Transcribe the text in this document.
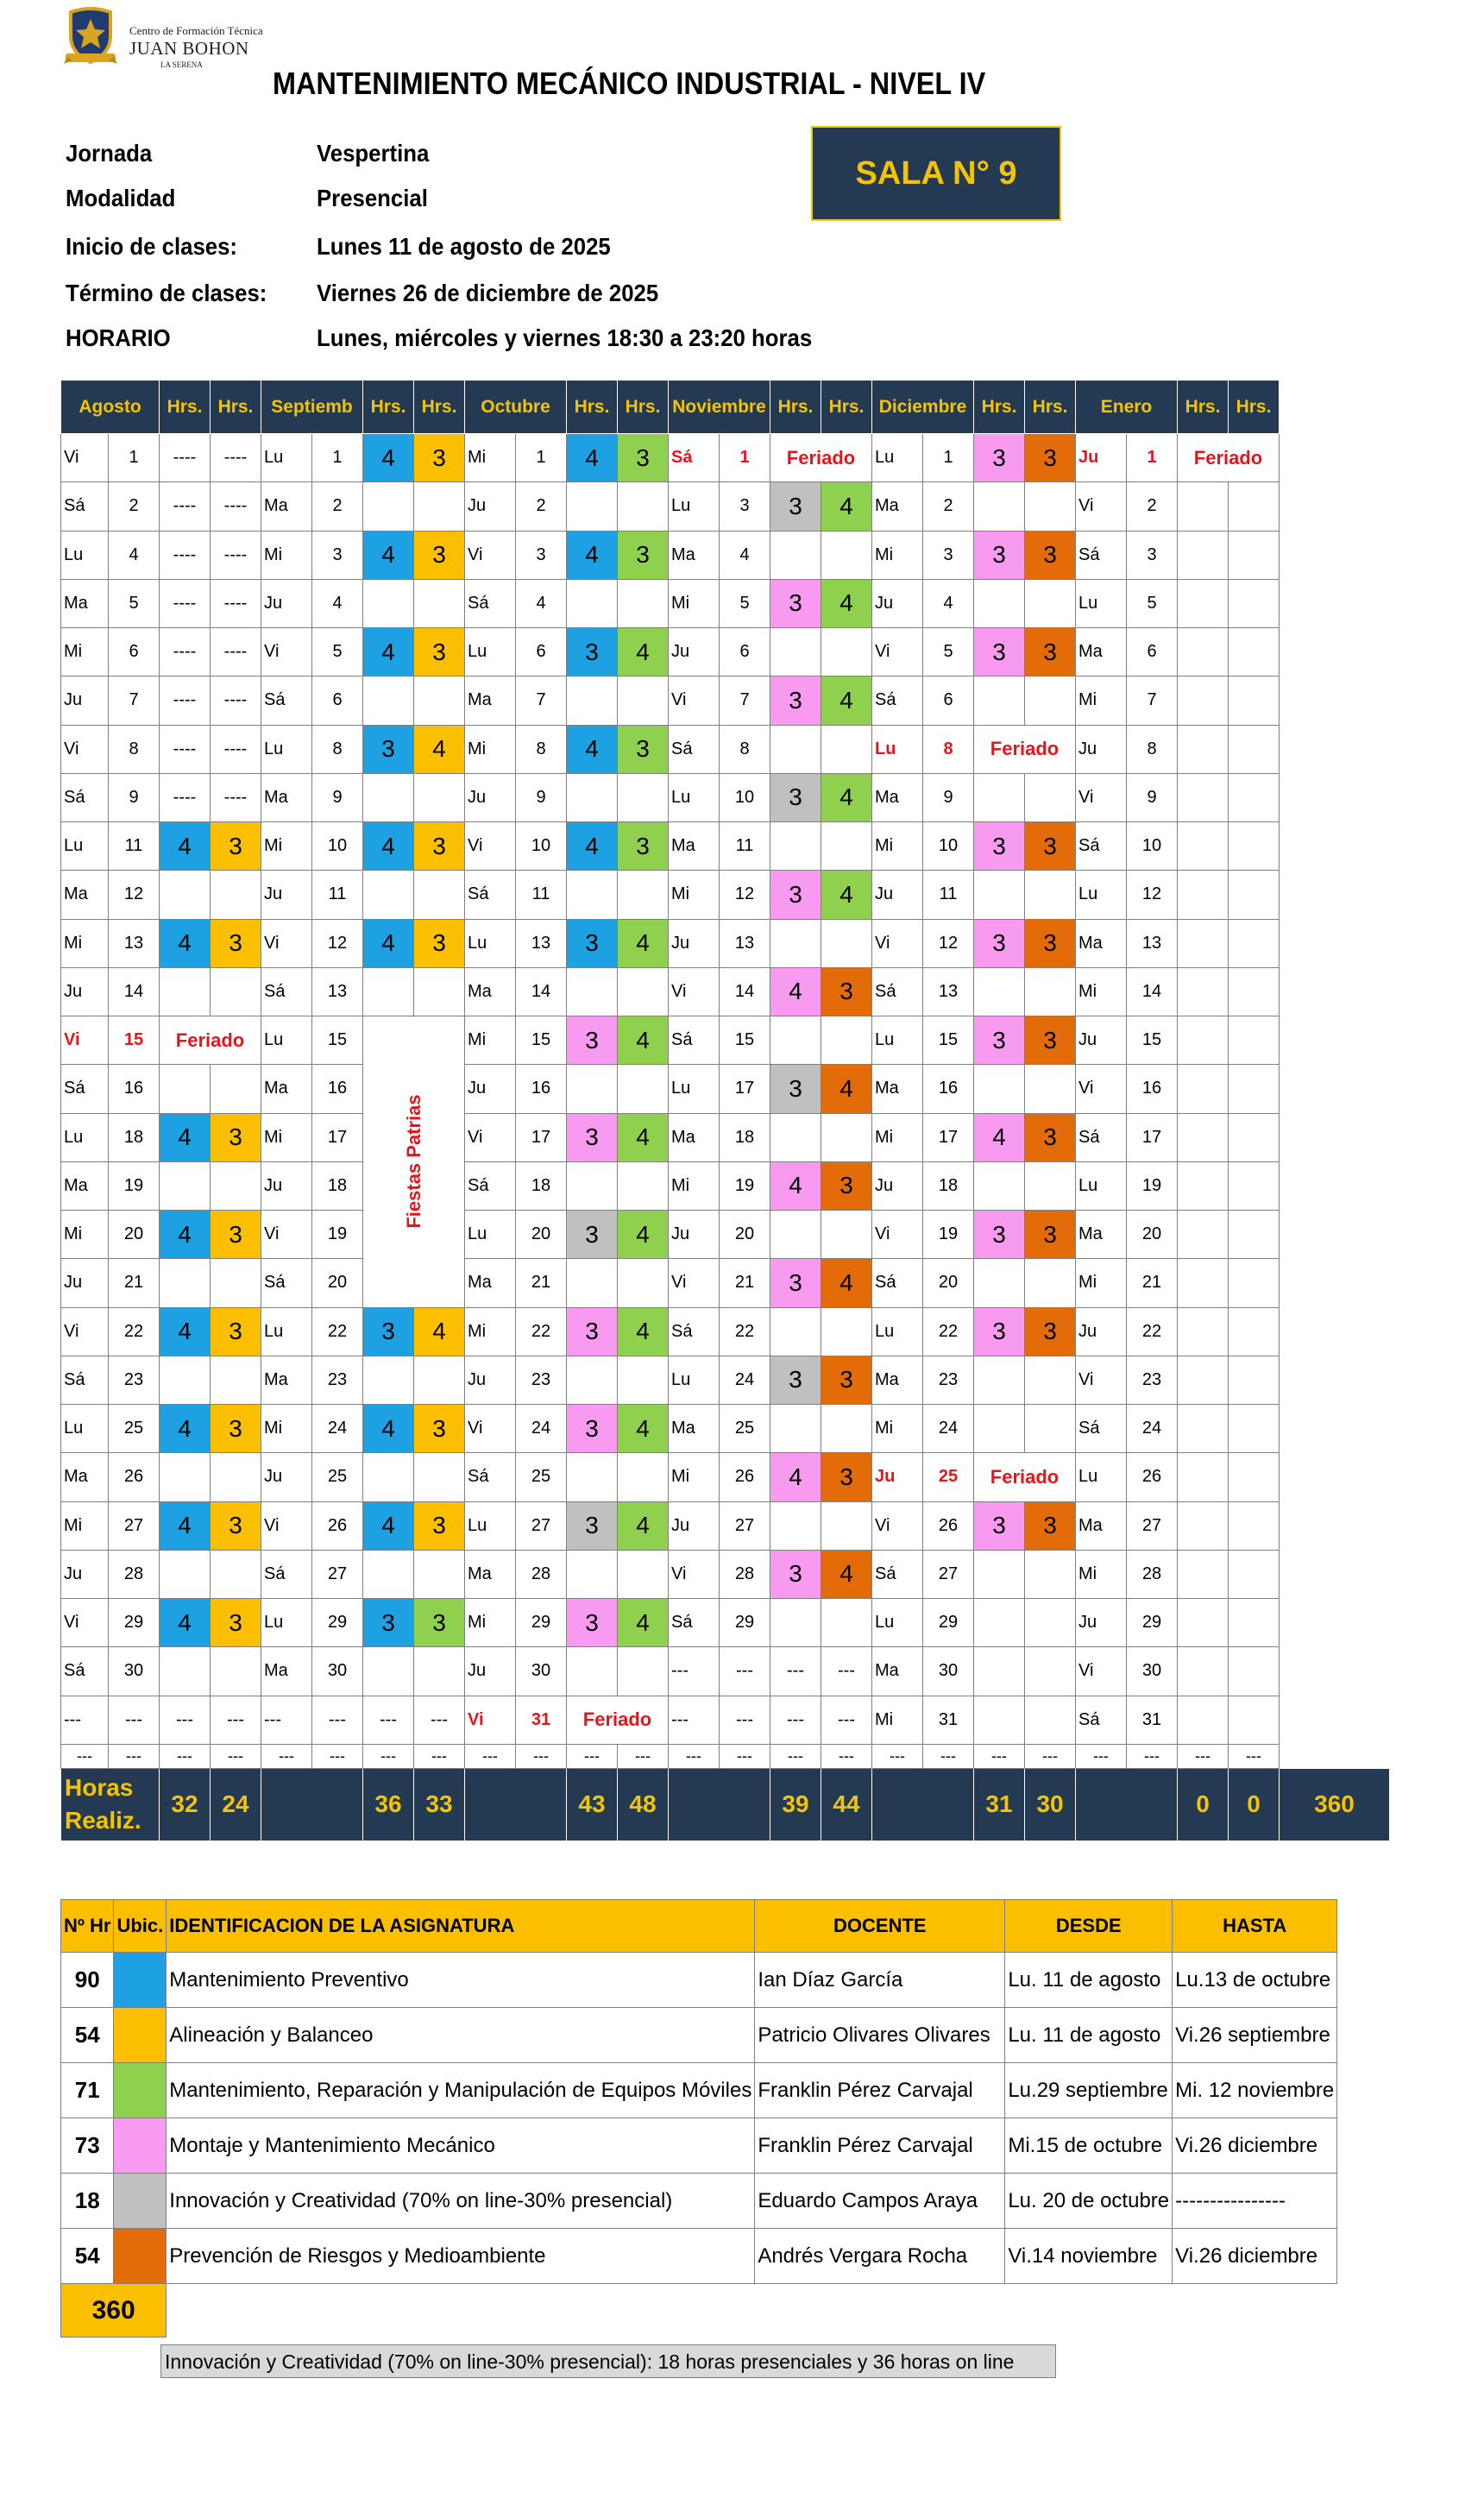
Centro de Formación Técnica
JUAN BOHON
LA SERENA
MANTENIMIENTO MECÁNICO INDUSTRIAL - NIVEL IV
Jornada	Vespertina
Modalidad	Presencial
Inicio de clases:	Lunes 11 de agosto de 2025
Término de clases: Viernes 26 de diciembre de 2025
HORARIO	Lunes, miércoles y viernes 18:30 a 23:20 horas
SALA N° 9
Agosto		Hrs.	Hrs.	Septiemb		Hrs.	Hrs.	Octubre		Hrs.	Hrs.	Noviembre		Hrs.	Hrs.	Diciembre		Hrs.	Hrs.	Enero		Hrs.	Hrs.	
Vi	1	----	----	Lu	1	4	3	Mi	1	4	3	Sá	1	Feriado		Lu	1	3	3	Ju	1	Feriado		
Sá	2	----	----	Ma	2			Ju	2			Lu	3	3	4	Ma	2			Vi	2			
Lu	4	----	----	Mi	3	4	3	Vi	3	4	3	Ma	4			Mi	3	3	3	Sá	3			
Ma	5	----	----	Ju	4			Sá	4			Mi	5	3	4	Ju	4			Lu	5			
Mi	6	----	----	Vi	5	4	3	Lu	6	3	4	Ju	6			Vi	5	3	3	Ma	6			
Ju	7	----	----	Sá	6			Ma	7			Vi	7	3	4	Sá	6			Mi	7			
Vi	8	----	----	Lu	8	3	4	Mi	8	4	3	Sá	8			Lu	8	Feriado		Ju	8			
Sá	9	----	----	Ma	9			Ju	9			Lu	10	3	4	Ma	9			Vi	9			
Lu	11	4	3	Mi	10	4	3	Vi	10	4	3	Ma	11			Mi	10	3	3	Sá	10			
Ma	12			Ju	11			Sá	11			Mi	12	3	4	Ju	11			Lu	12			
Mi	13	4	3	Vi	12	4	3	Lu	13	3	4	Ju	13			Vi	12	3	3	Ma	13			
Ju	14			Sá	13			Ma	14			Vi	14	4	3	Sá	13			Mi	14			
Vi	15	Feriado		Lu	15	Fiestas Patrias		Mi	15	3	4	Sá	15			Lu	15	3	3	Ju	15			
Sá	16			Ma	16			Ju	16			Lu	17	3	4	Ma	16			Vi	16			
Lu	18	4	3	Mi	17			Vi	17	3	4	Ma	18			Mi	17	4	3	Sá	17			
Ma	19			Ju	18			Sá	18			Mi	19	4	3	Ju	18			Lu	19			
Mi	20	4	3	Vi	19			Lu	20	3	4	Ju	20			Vi	19	3	3	Ma	20			
Ju	21			Sá	20			Ma	21			Vi	21	3	4	Sá	20			Mi	21			
Vi	22	4	3	Lu	22	3	4	Mi	22	3	4	Sá	22			Lu	22	3	3	Ju	22			
Sá	23			Ma	23			Ju	23			Lu	24	3	3	Ma	23			Vi	23			
Lu	25	4	3	Mi	24	4	3	Vi	24	3	4	Ma	25			Mi	24			Sá	24			
Ma	26			Ju	25			Sá	25			Mi	26	4	3	Ju	25	Feriado		Lu	26			
Mi	27	4	3	Vi	26	4	3	Lu	27	3	4	Ju	27			Vi	26	3	3	Ma	27			
Ju	28			Sá	27			Ma	28			Vi	28	3	4	Sá	27			Mi	28			
Vi	29	4	3	Lu	29	3	3	Mi	29	3	4	Sá	29			Lu	29			Ju	29			
Sá	30			Ma	30			Ju	30			---	---	---	---	Ma	30			Vi	30			
---	---	---	---	---	---	---	---	Vi	31	Feriado		---	---	---	---	Mi	31			Sá	31			
---	---	---	---	---	---	---	---	---	---	---	---	---	---	---	---	---	---	---	---	---	---	---	---	

Horas
Realiz.		32	24			36	33			43	48			39	44			31	30			0	0	360
Nº Hr	Ubic.	IDENTIFICACION DE LA ASIGNATURA	DOCENTE	DESDE	HASTA
90		Mantenimiento Preventivo	Ian Díaz García	Lu. 11 de agosto	Lu.13 de octubre
54		Alineación y Balanceo	Patricio Olivares Olivares	Lu. 11 de agosto	Vi.26 septiembre
71		Mantenimiento, Reparación y Manipulación de Equipos Móviles	Franklin Pérez Carvajal	Lu.29 septiembre	Mi. 12 noviembre
73		Montaje y Mantenimiento Mecánico	Franklin Pérez Carvajal	Mi.15 de octubre	Vi.26 diciembre
18		Innovación y Creatividad (70% on line-30% presencial)	Eduardo Campos Araya	Lu. 20 de octubre	----------------
54		Prevención de Riesgos y Medioambiente	Andrés Vergara Rocha	Vi.14 noviembre	Vi.26 diciembre
360					
Innovación y Creatividad (70% on line-30% presencial): 18 horas presenciales y 36 horas on line
